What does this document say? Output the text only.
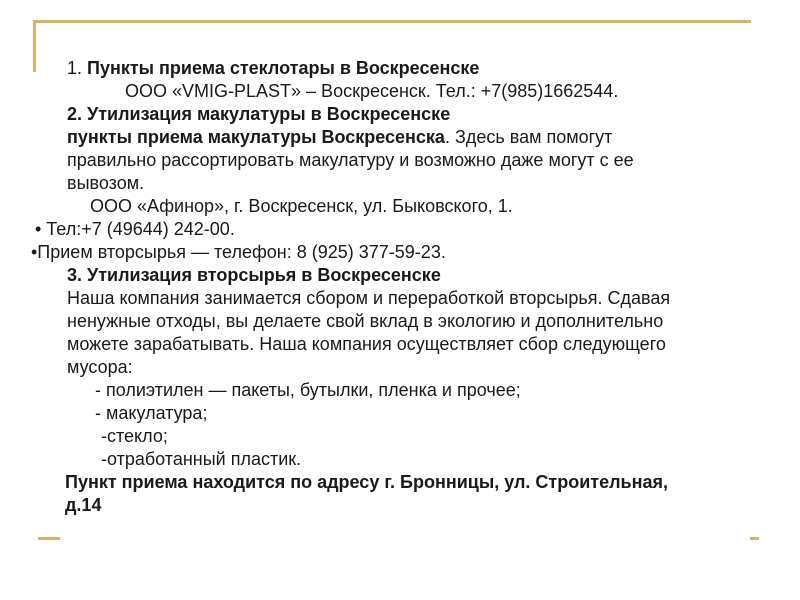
1. Пункты приема стеклотары в Воскресенске
ООО «VMIG-PLAST» – Воскресенск. Тел.: +7(985)1662544.
2. Утилизация макулатуры в Воскресенске
пункты приема макулатуры Воскресенска. Здесь вам помогут
правильно рассортировать макулатуру и возможно даже могут с ее
вывозом.
ООО «Афинор», г. Воскресенск, ул. Быковского, 1.
• Тел:+7 (49644) 242-00.
•Прием вторсырья — телефон: 8 (925) 377-59-23.
3. Утилизация вторсырья в Воскресенске
Наша компания занимается сбором и переработкой вторсырья. Сдавая
ненужные отходы, вы делаете свой вклад в экологию и дополнительно
можете зарабатывать. Наша компания осуществляет сбор следующего
мусора:
- полиэтилен — пакеты, бутылки, пленка и прочее;
- макулатура;
-стекло;
-отработанный пластик.
Пункт приема находится по адресу г. Бронницы, ул. Строительная,
д.14
